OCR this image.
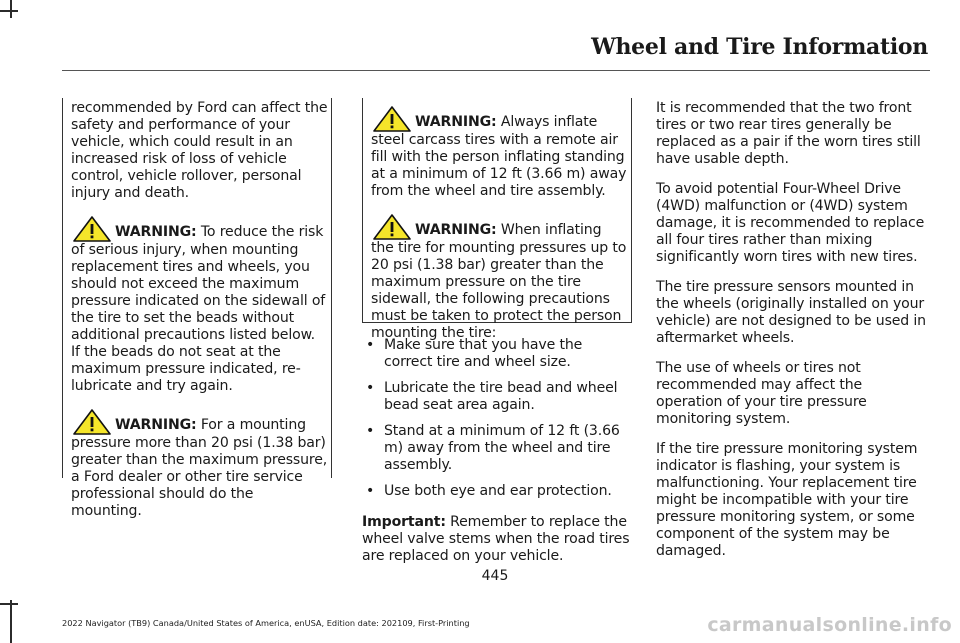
Wheel and Tire Information

recommended by Ford can affect the safety and performance of your vehicle, which could result in an increased risk of loss of vehicle control, vehicle rollover, personal injury and death.

WARNING: To reduce the risk of serious injury, when mounting replacement tires and wheels, you should not exceed the maximum pressure indicated on the sidewall of the tire to set the beads without additional precautions listed below. If the beads do not seat at the maximum pressure indicated, re-lubricate and try again.

WARNING: For a mounting pressure more than 20 psi (1.38 bar) greater than the maximum pressure, a Ford dealer or other tire service professional should do the mounting.

WARNING: Always inflate steel carcass tires with a remote air fill with the person inflating standing at a minimum of 12 ft (3.66 m) away from the wheel and tire assembly.

WARNING: When inflating the tire for mounting pressures up to 20 psi (1.38 bar) greater than the maximum pressure on the tire sidewall, the following precautions must be taken to protect the person mounting the tire:

• Make sure that you have the correct tire and wheel size.
• Lubricate the tire bead and wheel bead seat area again.
• Stand at a minimum of 12 ft (3.66 m) away from the wheel and tire assembly.
• Use both eye and ear protection.

Important: Remember to replace the wheel valve stems when the road tires are replaced on your vehicle.

It is recommended that the two front tires or two rear tires generally be replaced as a pair if the worn tires still have usable depth.

To avoid potential Four-Wheel Drive (4WD) malfunction or (4WD) system damage, it is recommended to replace all four tires rather than mixing significantly worn tires with new tires.

The tire pressure sensors mounted in the wheels (originally installed on your vehicle) are not designed to be used in aftermarket wheels.

The use of wheels or tires not recommended may affect the operation of your tire pressure monitoring system.

If the tire pressure monitoring system indicator is flashing, your system is malfunctioning. Your replacement tire might be incompatible with your tire pressure monitoring system, or some component of the system may be damaged.

445
2022 Navigator (TB9) Canada/United States of America, enUSA, Edition date: 202109, First-Printing	carmanualsonline.info
